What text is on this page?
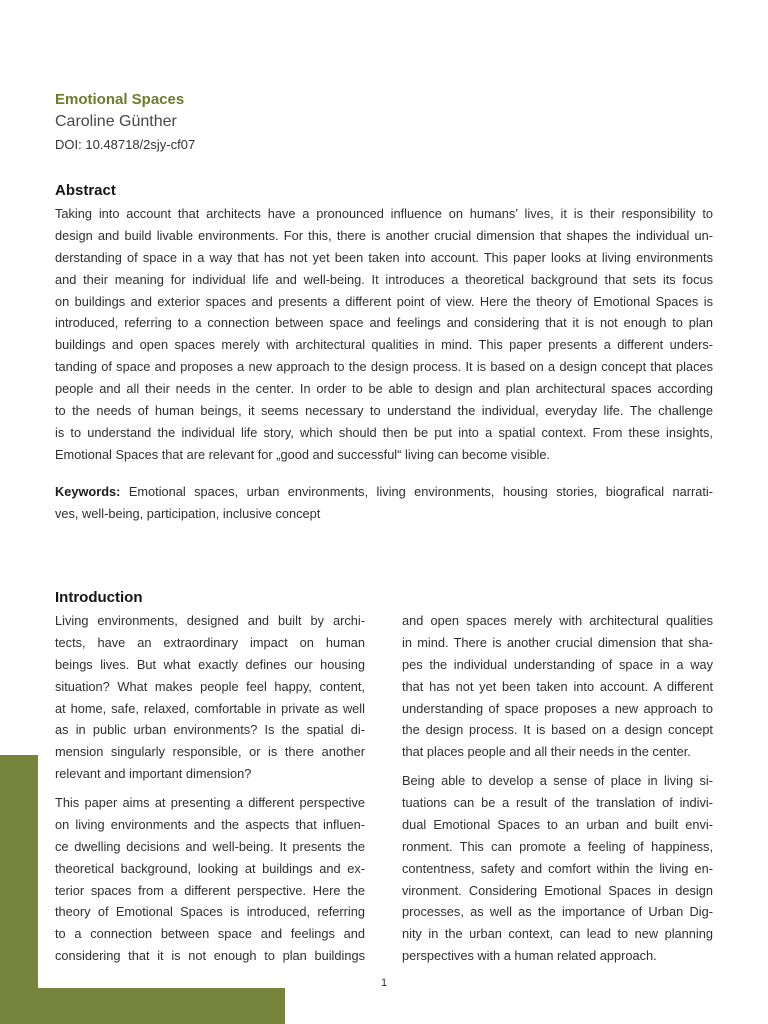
Emotional Spaces
Caroline Günther
DOI: 10.48718/2sjy-cf07
Abstract
Taking into account that architects have a pronounced influence on humans’ lives, it is their responsibility to
design and build livable environments. For this, there is another crucial dimension that shapes the individual un-
derstanding of space in a way that has not yet been taken into account. This paper looks at living environments
and their meaning for individual life and well-being. It introduces a theoretical background that sets its focus
on buildings and exterior spaces and presents a different point of view. Here the theory of Emotional Spaces is
introduced, referring to a connection between space and feelings and considering that it is not enough to plan
buildings and open spaces merely with architectural qualities in mind. This paper presents a different unders-
tanding of space and proposes a new approach to the design process. It is based on a design concept that places
people and all their needs in the center. In order to be able to design and plan architectural spaces according
to the needs of human beings, it seems necessary to understand the individual, everyday life. The challenge
is to understand the individual life story, which should then be put into a spatial context. From these insights,
Emotional Spaces that are relevant for „good and successful“ living can become visible.
Keywords: Emotional spaces, urban environments, living environments, housing stories, biografical narrati-
ves, well-being, participation, inclusive concept
Introduction
Living environments, designed and built by archi-
tects, have an extraordinary impact on human
beings lives. But what exactly defines our housing
situation? What makes people feel happy, content,
at home, safe, relaxed, comfortable in private as well
as in public urban environments? Is the spatial di-
mension singularly responsible, or is there another
relevant and important dimension?
This paper aims at presenting a different perspective
on living environments and the aspects that influen-
ce dwelling decisions and well-being. It presents the
theoretical background, looking at buildings and ex-
terior spaces from a different perspective. Here the
theory of Emotional Spaces is introduced, referring
to a connection between space and feelings and
considering that it is not enough to plan buildings
and open spaces merely with architectural qualities
in mind. There is another crucial dimension that sha-
pes the individual understanding of space in a way
that has not yet been taken into account. A different
understanding of space proposes a new approach to
the design process. It is based on a design concept
that places people and all their needs in the center.
Being able to develop a sense of place in living si-
tuations can be a result of the translation of indivi-
dual Emotional Spaces to an urban and built envi-
ronment. This can promote a feeling of happiness,
contentness, safety and comfort within the living en-
vironment. Considering Emotional Spaces in design
processes, as well as the importance of Urban Dig-
nity in the urban context, can lead to new planning
perspectives with a human related approach.
1
